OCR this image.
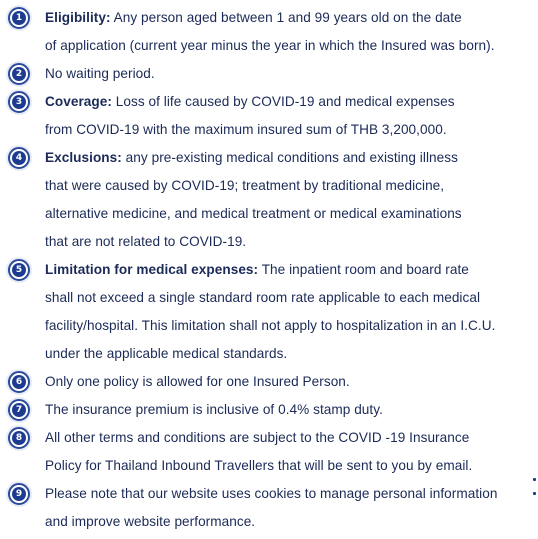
1 Eligibility: Any person aged between 1 and 99 years old on the date
of application (current year minus the year in which the Insured was born).
2 No waiting period.
3 Coverage: Loss of life caused by COVID-19 and medical expenses
from COVID-19 with the maximum insured sum of THB 3,200,000.
4 Exclusions: any pre-existing medical conditions and existing illness
that were caused by COVID-19; treatment by traditional medicine,
alternative medicine, and medical treatment or medical examinations
that are not related to COVID-19.
5 Limitation for medical expenses: The inpatient room and board rate
shall not exceed a single standard room rate applicable to each medical
facility/hospital. This limitation shall not apply to hospitalization in an I.C.U.
under the applicable medical standards.
6 Only one policy is allowed for one Insured Person.
7 The insurance premium is inclusive of 0.4% stamp duty.
8 All other terms and conditions are subject to the COVID -19 Insurance
Policy for Thailand Inbound Travellers that will be sent to you by email.
9 Please note that our website uses cookies to manage personal information
and improve website performance.
